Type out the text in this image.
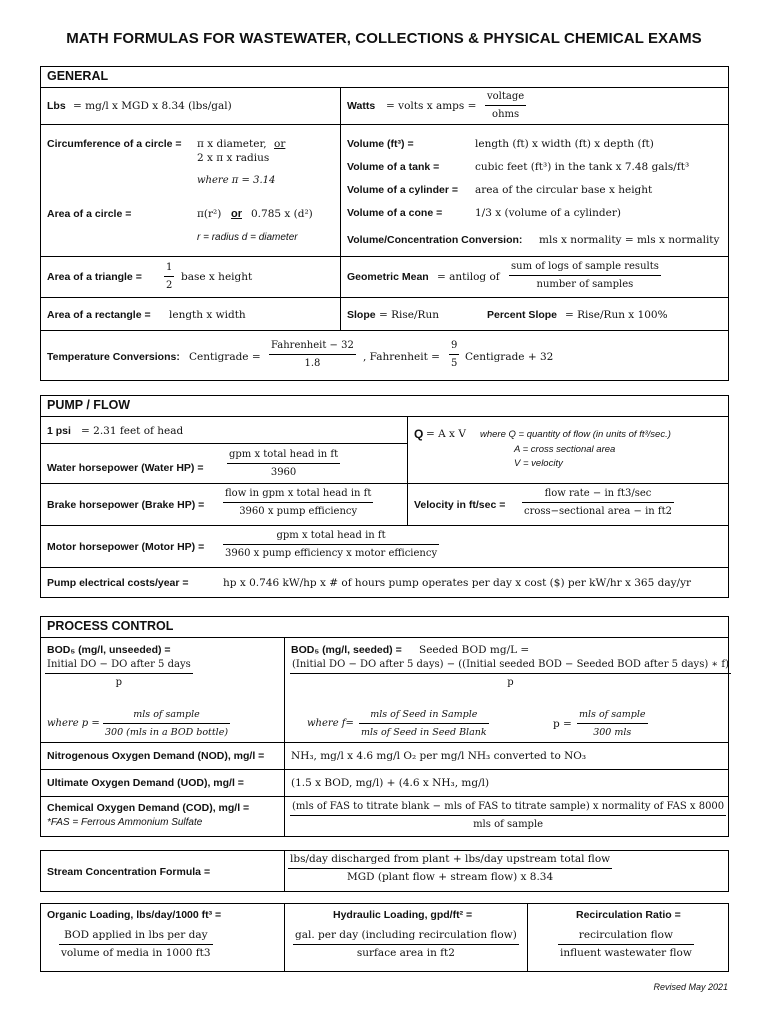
MATH FORMULAS FOR WASTEWATER, COLLECTIONS & PHYSICAL CHEMICAL EXAMS
GENERAL
Lbs = mg/l x MGD x 8.34 (lbs/gal)	Watts = volts x amps =
voltage
ohms
Circumference of a circle = π x diameter, or
2 x π x radius
where π = 3.14
Area of a circle =	π(r²) or 0.785 x (d²)
r = radius d = diameter
Volume (ft³) =	length (ft) x width (ft) x depth (ft)
Volume of a tank =	cubic feet (ft³) in the tank x 7.48 gals/ft³
Volume of a cylinder = area of the circular base x height
Volume of a cone =	1/3 x (volume of a cylinder)
Volume/Concentration Conversion: mls x normality = mls x normality
Area of a triangle = $\frac{1}{2}$ base x height	Geometric Mean = antilog of
sum of logs of sample results
number of samples
Area of a rectangle = length x width	Slope = Rise/Run	Percent Slope = Rise/Run x 100%
Temperature Conversions: Centigrade =
Fahrenheit − 32
1.8
, Fahrenheit = $\frac{9}{5}$ Centigrade + 32
PUMP / FLOW
1 psi = 2.31 feet of head
Water horsepower (Water HP) =
gpm x total head in ft
3960
Q = A x V where Q = quantity of flow (in units of ft³/sec.)
A = cross sectional area
V = velocity
Brake horsepower (Brake HP) =
flow in gpm x total head in ft
3960 x pump efficiency
Velocity in ft/sec =
flow rate − in ft3/sec
cross−sectional area − in ft2
Motor horsepower (Motor HP) =
gpm x total head in ft
3960 x pump efficiency x motor efficiency
Pump electrical costs/year =	hp x 0.746 kW/hp x # of hours pump operates per day x cost ($) per kW/hr x 365 day/yr
PROCESS CONTROL
BOD₅ (mg/l, unseeded) =
Initial DO − DO after 5 days
p
where p =
mls of sample
300 (mls in a BOD bottle)
BOD₅ (mg/l, seeded) = Seeded BOD mg/L =
(Initial DO − DO after 5 days) − ((Initial seeded BOD − Seeded BOD after 5 days) ∗ f)
p
where f=
mls of Seed in Sample
mls of Seed in Seed Blank
p =
mls of sample
300 mls
Nitrogenous Oxygen Demand (NOD), mg/l =	NH₃, mg/l x 4.6 mg/l O₂ per mg/l NH₃ converted to NO₃
Ultimate Oxygen Demand (UOD), mg/l =	(1.5 x BOD, mg/l) + (4.6 x NH₃, mg/l)
Chemical Oxygen Demand (COD), mg/l =
*FAS = Ferrous Ammonium Sulfate
(mls of FAS to titrate blank − mls of FAS to titrate sample) x normality of FAS x 8000
mls of sample
Stream Concentration Formula =
lbs/day discharged from plant + lbs/day upstream total flow
MGD (plant flow + stream flow) x 8.34
Organic Loading, lbs/day/1000 ft³ =
BOD applied in lbs per day
volume of media in 1000 ft3
Hydraulic Loading, gpd/ft² =
gal. per day (including recirculation flow)
surface area in ft2
Recirculation Ratio =
recirculation flow
influent wastewater flow
Revised May 2021
